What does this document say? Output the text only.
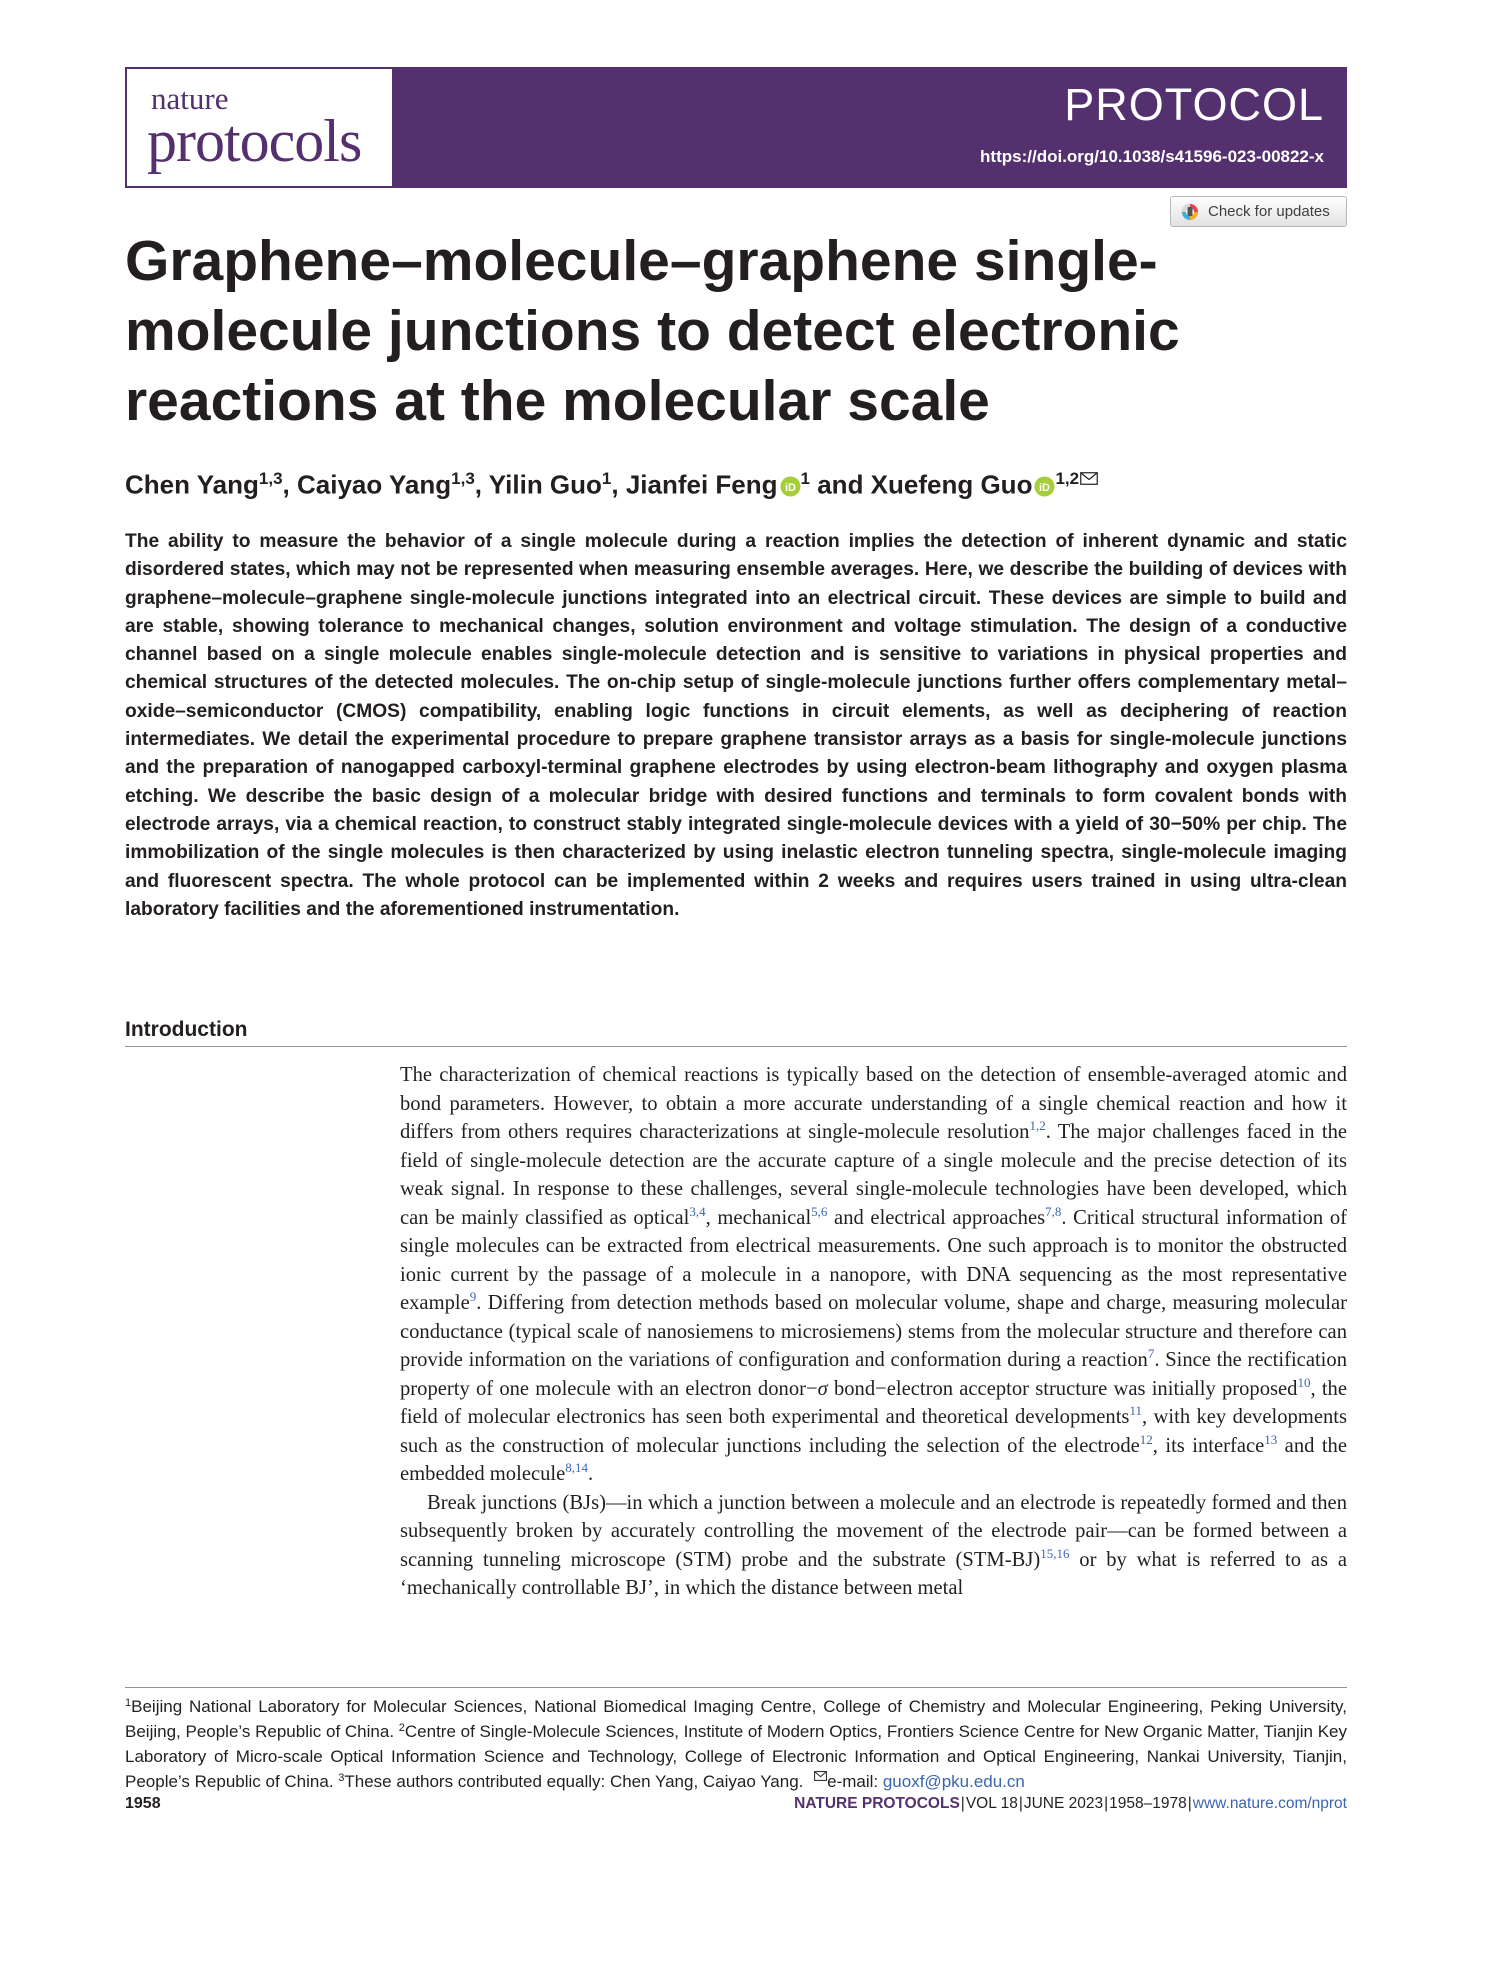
nature
protocols
PROTOCOL
https://doi.org/10.1038/s41596-023-00822-x
Check for updates
Graphene–molecule–graphene single-molecule junctions to detect electronic reactions at the molecular scale
Chen Yang$^{1,3}$, Caiyao Yang$^{1,3}$, Yilin Guo$^1$, Jianfei Feng iD $^1$ and Xuefeng Guo iD $^{1,2}$

The ability to measure the behavior of a single molecule during a reaction implies the detection of inherent dynamic and static disordered states, which may not be represented when measuring ensemble averages. Here, we describe the building of devices with graphene–molecule–graphene single-molecule junctions integrated into an electrical circuit. These devices are simple to build and are stable, showing tolerance to mechanical changes, solution environment and voltage stimulation. The design of a conductive channel based on a single molecule enables single-molecule detection and is sensitive to variations in physical properties and chemical structures of the detected molecules. The on-chip setup of single-molecule junctions further offers complementary metal–oxide–semiconductor (CMOS) compatibility, enabling logic functions in circuit elements, as well as deciphering of reaction intermediates. We detail the experimental procedure to prepare graphene transistor arrays as a basis for single-molecule junctions and the preparation of nanogapped carboxyl-terminal graphene electrodes by using electron-beam lithography and oxygen plasma etching. We describe the basic design of a molecular bridge with desired functions and terminals to form covalent bonds with electrode arrays, via a chemical reaction, to construct stably integrated single-molecule devices with a yield of 30−50% per chip. The immobilization of the single molecules is then characterized by using inelastic electron tunneling spectra, single-molecule imaging and fluorescent spectra. The whole protocol can be implemented within 2 weeks and requires users trained in using ultra-clean laboratory facilities and the aforementioned instrumentation.

Introduction

The characterization of chemical reactions is typically based on the detection of ensemble-averaged atomic and bond parameters. However, to obtain a more accurate understanding of a single chemical reaction and how it differs from others requires characterizations at single-molecule resolution$^{1,2}$. The major challenges faced in the field of single-molecule detection are the accurate capture of a single molecule and the precise detection of its weak signal. In response to these challenges, several single-molecule technologies have been developed, which can be mainly classified as optical$^{3,4}$, mechanical$^{5,6}$ and electrical approaches$^{7,8}$. Critical structural information of single molecules can be extracted from electrical measurements. One such approach is to monitor the obstructed ionic current by the passage of a molecule in a nanopore, with DNA sequencing as the most representative example$^9$. Differing from detection methods based on molecular volume, shape and charge, measuring molecular conductance (typical scale of nanosiemens to microsiemens) stems from the molecular structure and therefore can provide information on the variations of configuration and conformation during a reaction$^7$. Since the rectification property of one molecule with an electron donor−σ bond−electron acceptor structure was initially proposed$^{10}$, the field of molecular electronics has seen both experimental and theoretical developments$^{11}$, with key developments such as the construction of molecular junctions including the selection of the electrode$^{12}$, its interface$^{13}$ and the embedded molecule$^{8,14}$.

Break junctions (BJs)—in which a junction between a molecule and an electrode is repeatedly formed and then subsequently broken by accurately controlling the movement of the electrode pair—can be formed between a scanning tunneling microscope (STM) probe and the substrate (STM-BJ)$^{15,16}$ or by what is referred to as a ‘mechanically controllable BJ’, in which the distance between metal

$^1$Beijing National Laboratory for Molecular Sciences, National Biomedical Imaging Centre, College of Chemistry and Molecular Engineering, Peking University, Beijing, People’s Republic of China. $^2$Centre of Single-Molecule Sciences, Institute of Modern Optics, Frontiers Science Centre for New Organic Matter, Tianjin Key Laboratory of Micro-scale Optical Information Science and Technology, College of Electronic Information and Optical Engineering, Nankai University, Tianjin, People’s Republic of China. $^3$These authors contributed equally: Chen Yang, Caiyao Yang. e-mail: guoxf@pku.edu.cn

1958	NATURE PROTOCOLS|VOL 18|JUNE 2023|1958–1978|www.nature.com/nprot
